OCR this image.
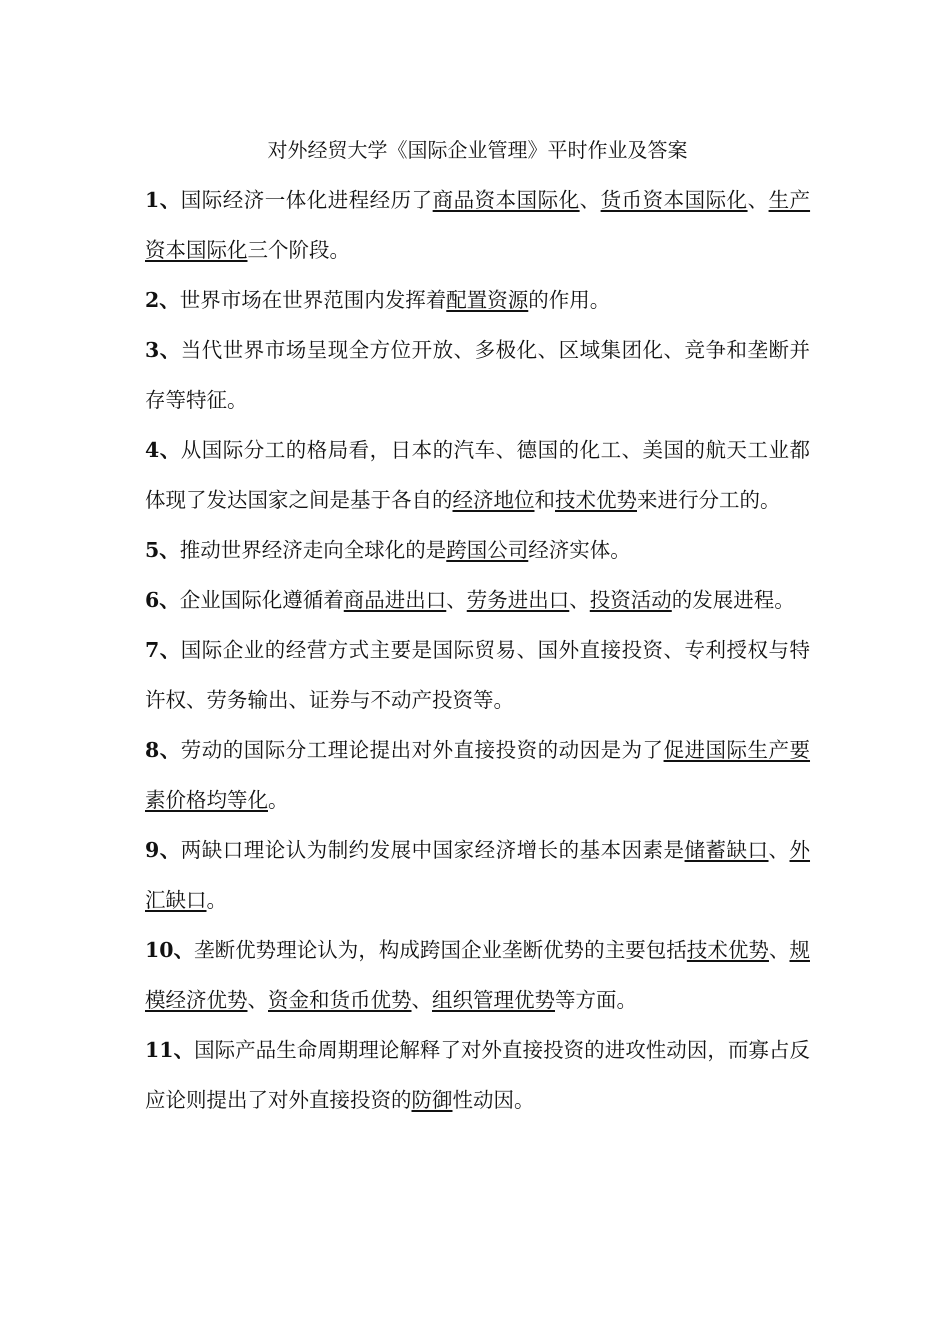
对外经贸大学《国际企业管理》平时作业及答案

1、国际经济一体化进程经历了商品资本国际化、货币资本国际化、生产资本国际化三个阶段。

2、世界市场在世界范围内发挥着配置资源的作用。

3、当代世界市场呈现全方位开放、多极化、区域集团化、竞争和垄断并存等特征。

4、从国际分工的格局看，日本的汽车、德国的化工、美国的航天工业都体现了发达国家之间是基于各自的经济地位和技术优势来进行分工的。

5、推动世界经济走向全球化的是跨国公司经济实体。

6、企业国际化遵循着商品进出口、劳务进出口、投资活动的发展进程。

7、国际企业的经营方式主要是国际贸易、国外直接投资、专利授权与特许权、劳务输出、证券与不动产投资等。

8、劳动的国际分工理论提出对外直接投资的动因是为了促进国际生产要素价格均等化。

9、两缺口理论认为制约发展中国家经济增长的基本因素是储蓄缺口、外汇缺口。

10、垄断优势理论认为，构成跨国企业垄断优势的主要包括技术优势、规模经济优势、资金和货币优势、组织管理优势等方面。

11、国际产品生命周期理论解释了对外直接投资的进攻性动因，而寡占反应论则提出了对外直接投资的防御性动因。
